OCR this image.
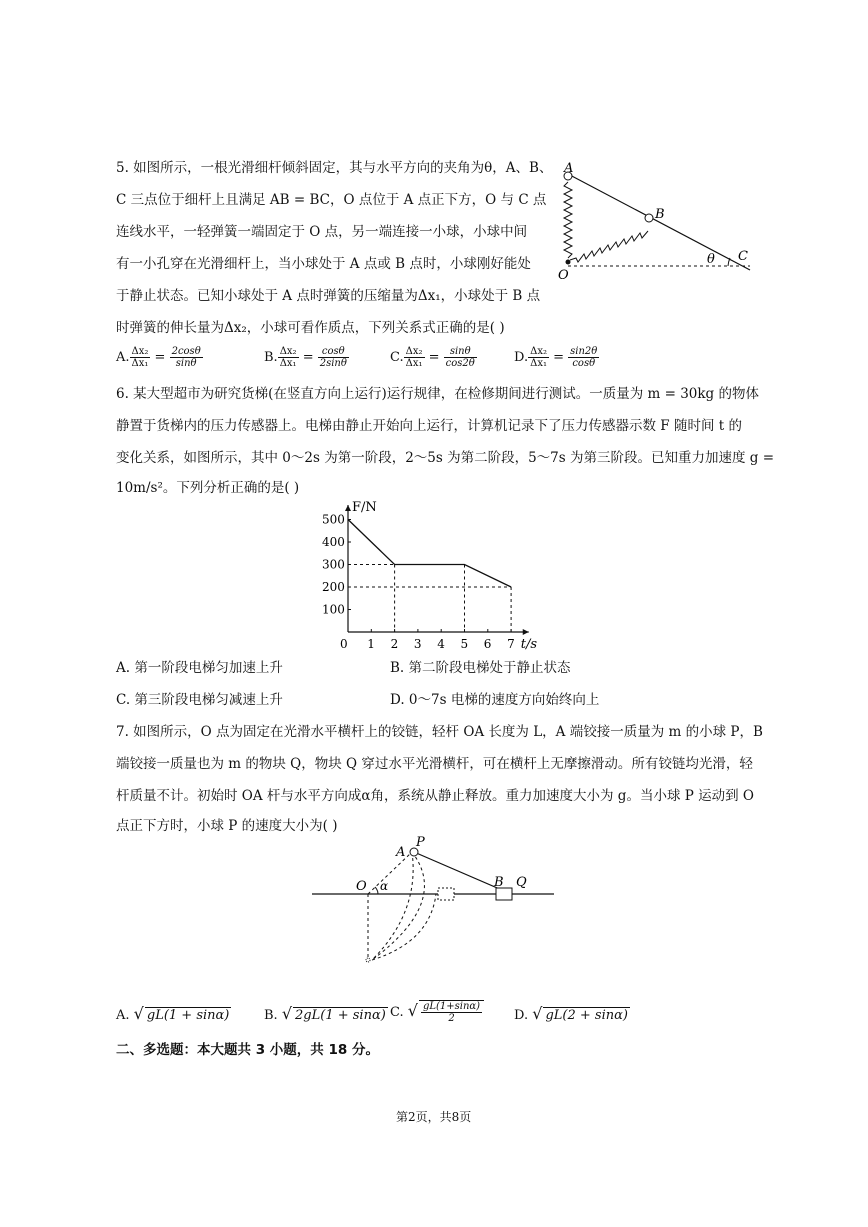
5. 如图所示，一根光滑细杆倾斜固定，其与水平方向的夹角为θ，A、B、
C 三点位于细杆上且满足 AB = BC，O 点位于 A 点正下方，O 与 C 点
连线水平，一轻弹簧一端固定于 O 点，另一端连接一小球，小球中间
有一小孔穿在光滑细杆上，当小球处于 A 点或 B 点时，小球刚好能处
于静止状态。已知小球处于 A 点时弹簧的压缩量为Δx₁，小球处于 B 点
时弹簧的伸长量为Δx₂，小球可看作质点，下列关系式正确的是( )
A
B
C
O
θ
A. $\frac{\text{Δx₂}}{\text{Δx₁}} = \frac{2\cos\theta}{\sin\theta}$	B. $\frac{\text{Δx₂}}{\text{Δx₁}} = \frac{\cos\theta}{2\sin\theta}$	C. $\frac{\text{Δx₂}}{\text{Δx₁}} = \frac{\sin\theta}{\cos 2\theta}$	D. $\frac{\text{Δx₂}}{\text{Δx₁}} = \frac{\sin 2\theta}{\cos\theta}$
6. 某大型超市为研究货梯(在竖直方向上运行)运行规律，在检修期间进行测试。一质量为 m = 30kg 的物体
静置于货梯内的压力传感器上。电梯由静止开始向上运行，计算机记录下了压力传感器示数 F 随时间 t 的
变化关系，如图所示，其中 0～2s 为第一阶段，2～5s 为第二阶段，5～7s 为第三阶段。已知重力加速度 g =
10m/s²。下列分析正确的是( )
0 1 2 3 4 5 6 7
100
200
300
400
500
F/N
t/s
A. 第一阶段电梯匀加速上升	B. 第二阶段电梯处于静止状态
C. 第三阶段电梯匀减速上升	D. 0～7s 电梯的速度方向始终向上
7. 如图所示，O 点为固定在光滑水平横杆上的铰链，轻杆 OA 长度为 L，A 端铰接一质量为 m 的小球 P，B
端铰接一质量也为 m 的物块 Q，物块 Q 穿过水平光滑横杆，可在横杆上无摩擦滑动。所有铰链均光滑，轻
杆质量不计。初始时 OA 杆与水平方向成α角，系统从静止释放。重力加速度大小为 g。当小球 P 运动到 O
点正下方时，小球 P 的速度大小为( )
A
P
O α	B Q
A. √ gL(1 + sinα)	B. √ 2gL(1 + sinα) C. √ $\frac{gL(1+\sin\alpha)}{2} D$. √ gL(2 + sinα)
二、多选题：本大题共 3 小题，共 18 分。
第2页，共8页
